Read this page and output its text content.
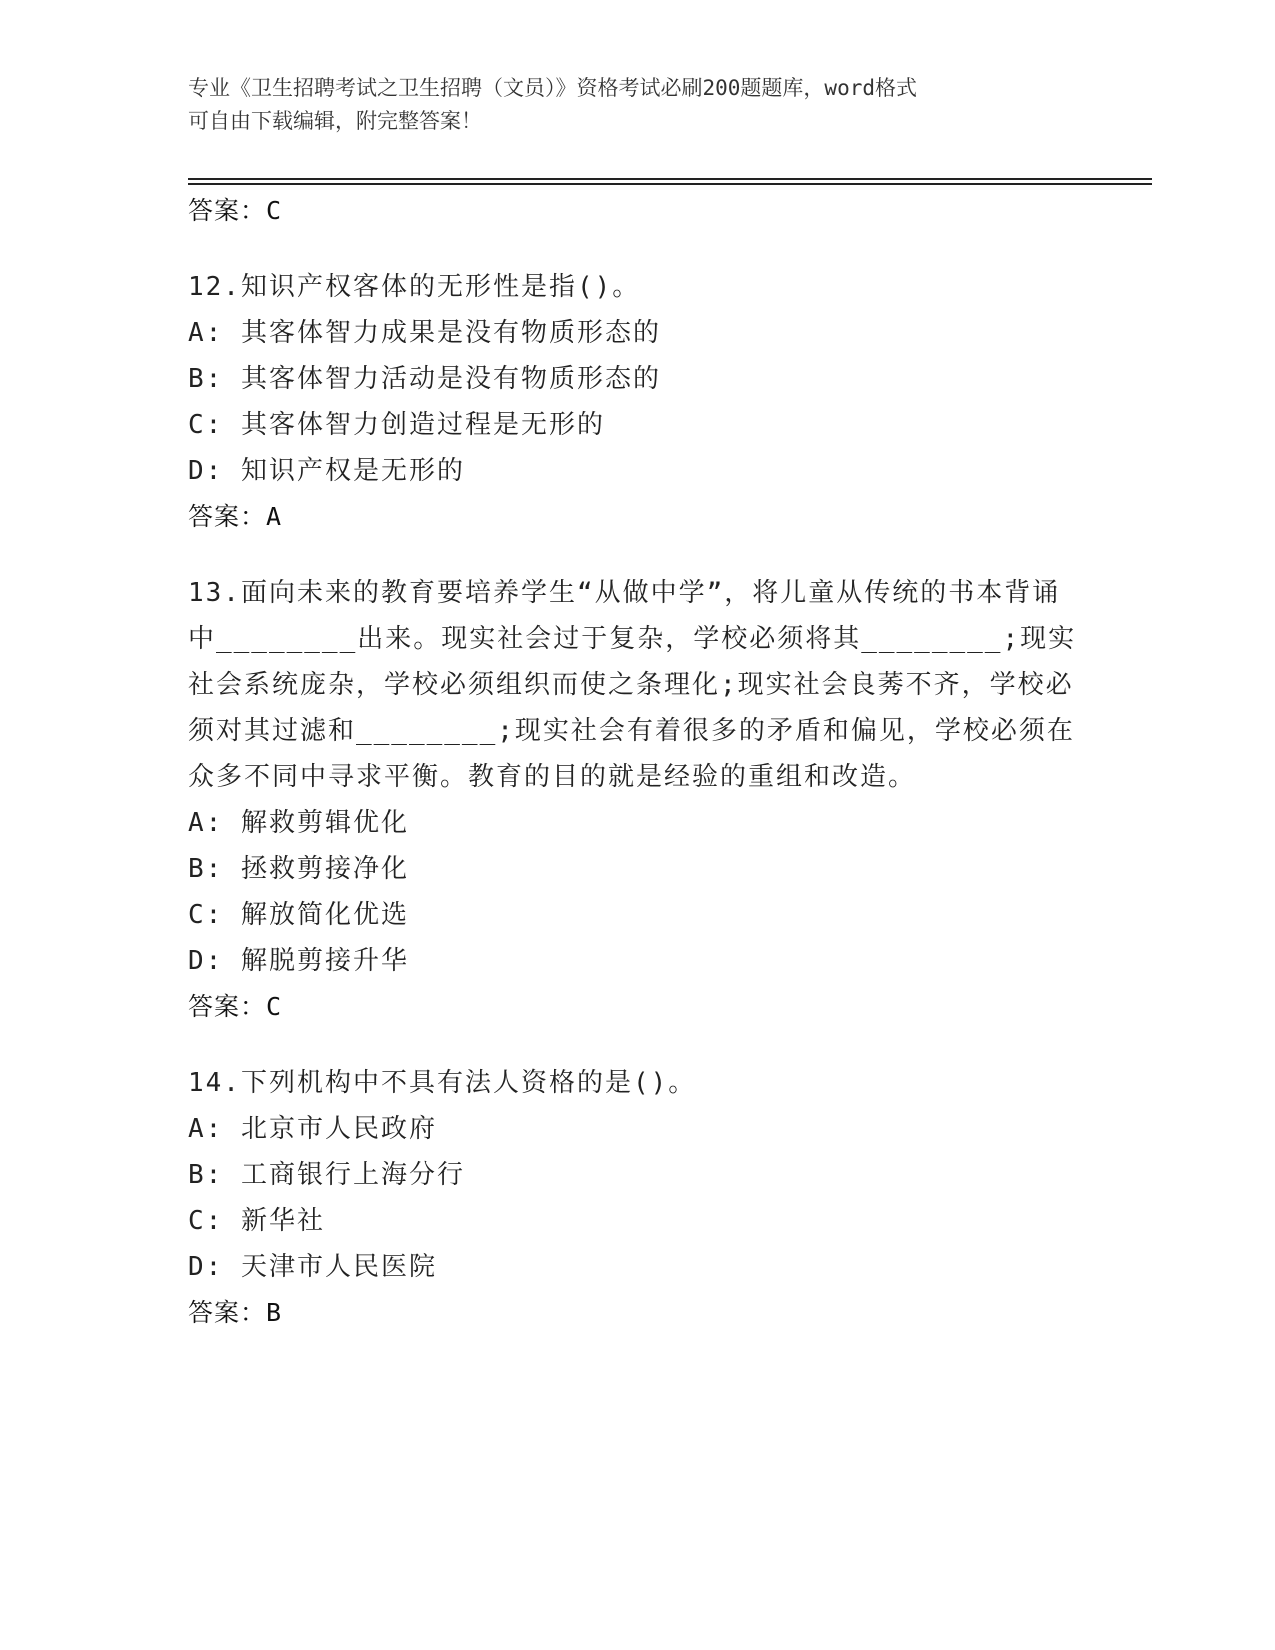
专业《卫生招聘考试之卫生招聘（文员）》资格考试必刷200题题库，word格式
可自由下载编辑，附完整答案！
答案：C

12.知识产权客体的无形性是指()。

A: 其客体智力成果是没有物质形态的
B: 其客体智力活动是没有物质形态的
C: 其客体智力创造过程是无形的
D: 知识产权是无形的
答案：A

13.面向未来的教育要培养学生“从做中学”，将儿童从传统的书本背诵中________出来。现实社会过于复杂，学校必须将其________;现实社会系统庞杂，学校必须组织而使之条理化;现实社会良莠不齐，学校必须对其过滤和________;现实社会有着很多的矛盾和偏见，学校必须在众多不同中寻求平衡。教育的目的就是经验的重组和改造。

A: 解救剪辑优化
B: 拯救剪接净化
C: 解放简化优选
D: 解脱剪接升华
答案：C

14.下列机构中不具有法人资格的是()。

A: 北京市人民政府
B: 工商银行上海分行
C: 新华社
D: 天津市人民医院
答案：B
